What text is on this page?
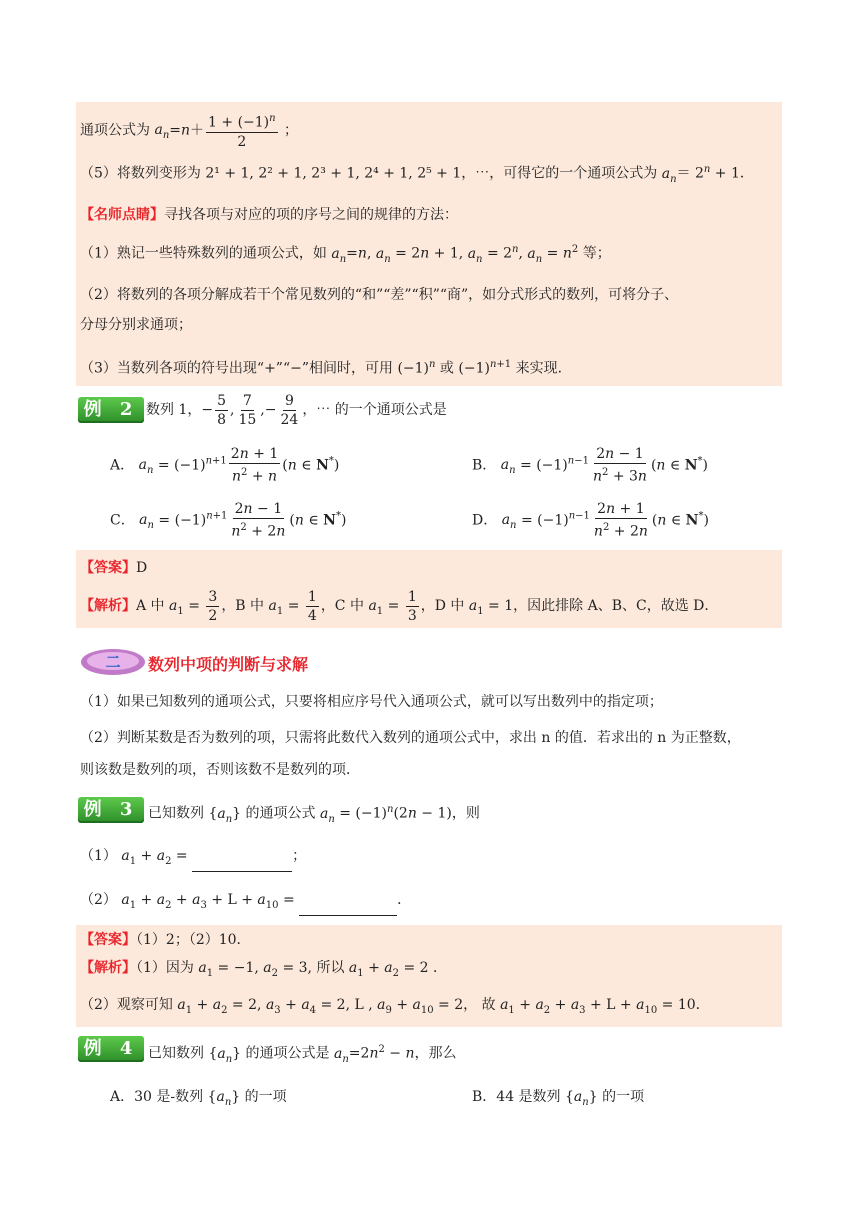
通项公式为 $a_n=n+ \frac{1 + (-1)^n}{2}$ ；
（5）将数列变形为 2¹ + 1, 2² + 1, 2³ + 1, 2⁴ + 1, 2⁵ + 1，⋯，可得它的一个通项公式为 $a_n= 2^n + 1$．
【名师点睛】寻找各项与对应的项的序号之间的规律的方法：
（1）熟记一些特殊数列的通项公式，如 $a_n=n$, $a_n = 2n + 1$, $a_n = 2^n$, $a_n = n^2$ 等；
（2）将数列的各项分解成若干个常见数列的“和”“差”“积”“商”，如分式形式的数列，可将分子、
分母分别求通项；
（3）当数列各项的符号出现“+”“−”相间时，可用 $(-1)^n$ 或 $(-1)^{n+1}$ 来实现．
例 2 数列 1，− $\frac{5}{8}$ , $\frac{7}{15}$ ,− $\frac{9}{24}$ ，⋯ 的一个通项公式是
A． $a_n = (-1)^{n+1} \frac{2n + 1}{n^2 + n} (n$ ∈ N*)	B． $a_n = (-1)^{n-1} \frac{2n - 1}{n^2 + 3n} (n$ ∈ N*)
C． $a_n = (-1)^{n+1} \frac{2n - 1}{n^2 + 2n} (n$ ∈ N*)	D． $a_n = (-1)^{n-1} \frac{2n + 1}{n^2 + 2n} (n$ ∈ N*)
【答案】D
【解析】A 中 $a_1 = \frac{3}{2}$ ，B 中 $a_1 = \frac{1}{4}$ ，C 中 $a_1 = \frac{1}{3}$ ，D 中 $a_1 = 1$，因此排除 A、B、C，故选 D．
二 数列中项的判断与求解
（1）如果已知数列的通项公式，只要将相应序号代入通项公式，就可以写出数列中的指定项；
（2）判断某数是否为数列的项，只需将此数代入数列的通项公式中，求出 n 的值．若求出的 n 为正整数，
则该数是数列的项，否则该数不是数列的项．
例 3 已知数列 $\{a_n\}$ 的通项公式 $a_n = (-1)^n(2n - 1)$，则
（1） $a_1 + a_2$ =	；
（2） $a_1 + a_2 + a_3 + L + a_{10}$ =	．
【答案】（1）2；（2）10．
【解析】（1）因为 $a_1 = -1$, $a_2 = 3$, 所以 $a_1 + a_2 = 2$ ．
（2）观察可知 $a_1 + a_2 = 2$, $a_3 + a_4 = 2$, L , $a_9 + a_{10} = 2$， 故 $a_1 + a_2 + a_3 + L + a_{10} = 10$．
例 4 已知数列 $\{a_n\}$ 的通项公式是 $a_n=2n^2 - n$，那么
A．30 是-数列 $\{a_n\}$ 的一项	B．44 是数列 $\{a_n\}$ 的一项
